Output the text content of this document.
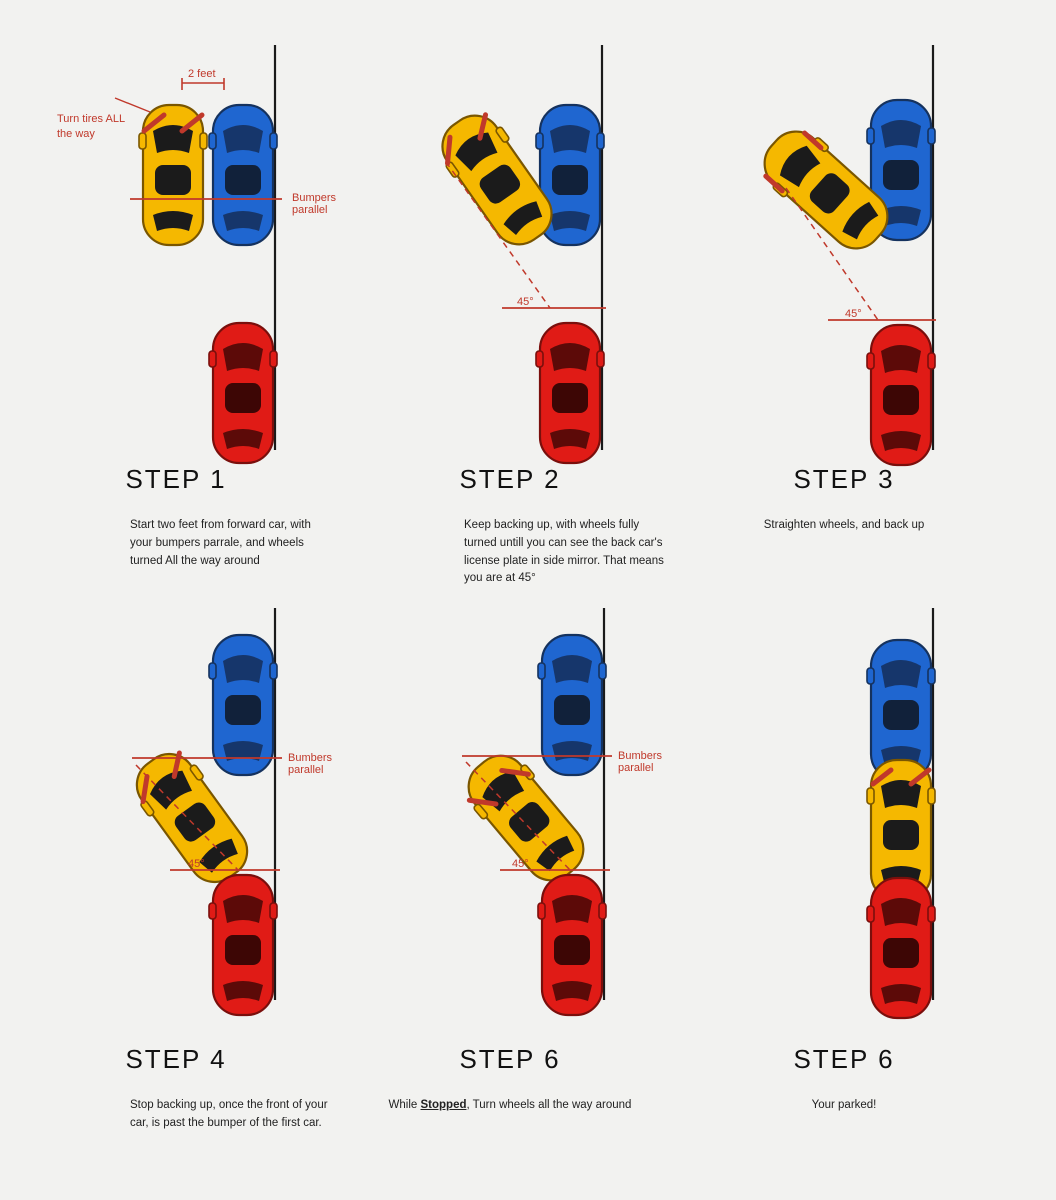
Turn tires ALL the way
2 feet
Bumpers parallel
STEP 1
Start two feet from forward car, with your bumpers parrale, and wheels turned All the way around
45°
STEP 2
Keep backing up, with wheels fully turned untill you can see the back car's license plate in side mirror. That means you are at 45°
45°
STEP 3
Straighten wheels, and back up
Bumbers parallel
45°
STEP 4
Stop backing up, once the front of your car, is past the bumper of the first car.
Bumbers parallel
45°
STEP 6
While Stopped, Turn wheels all the way around
STEP 6
Your parked!
